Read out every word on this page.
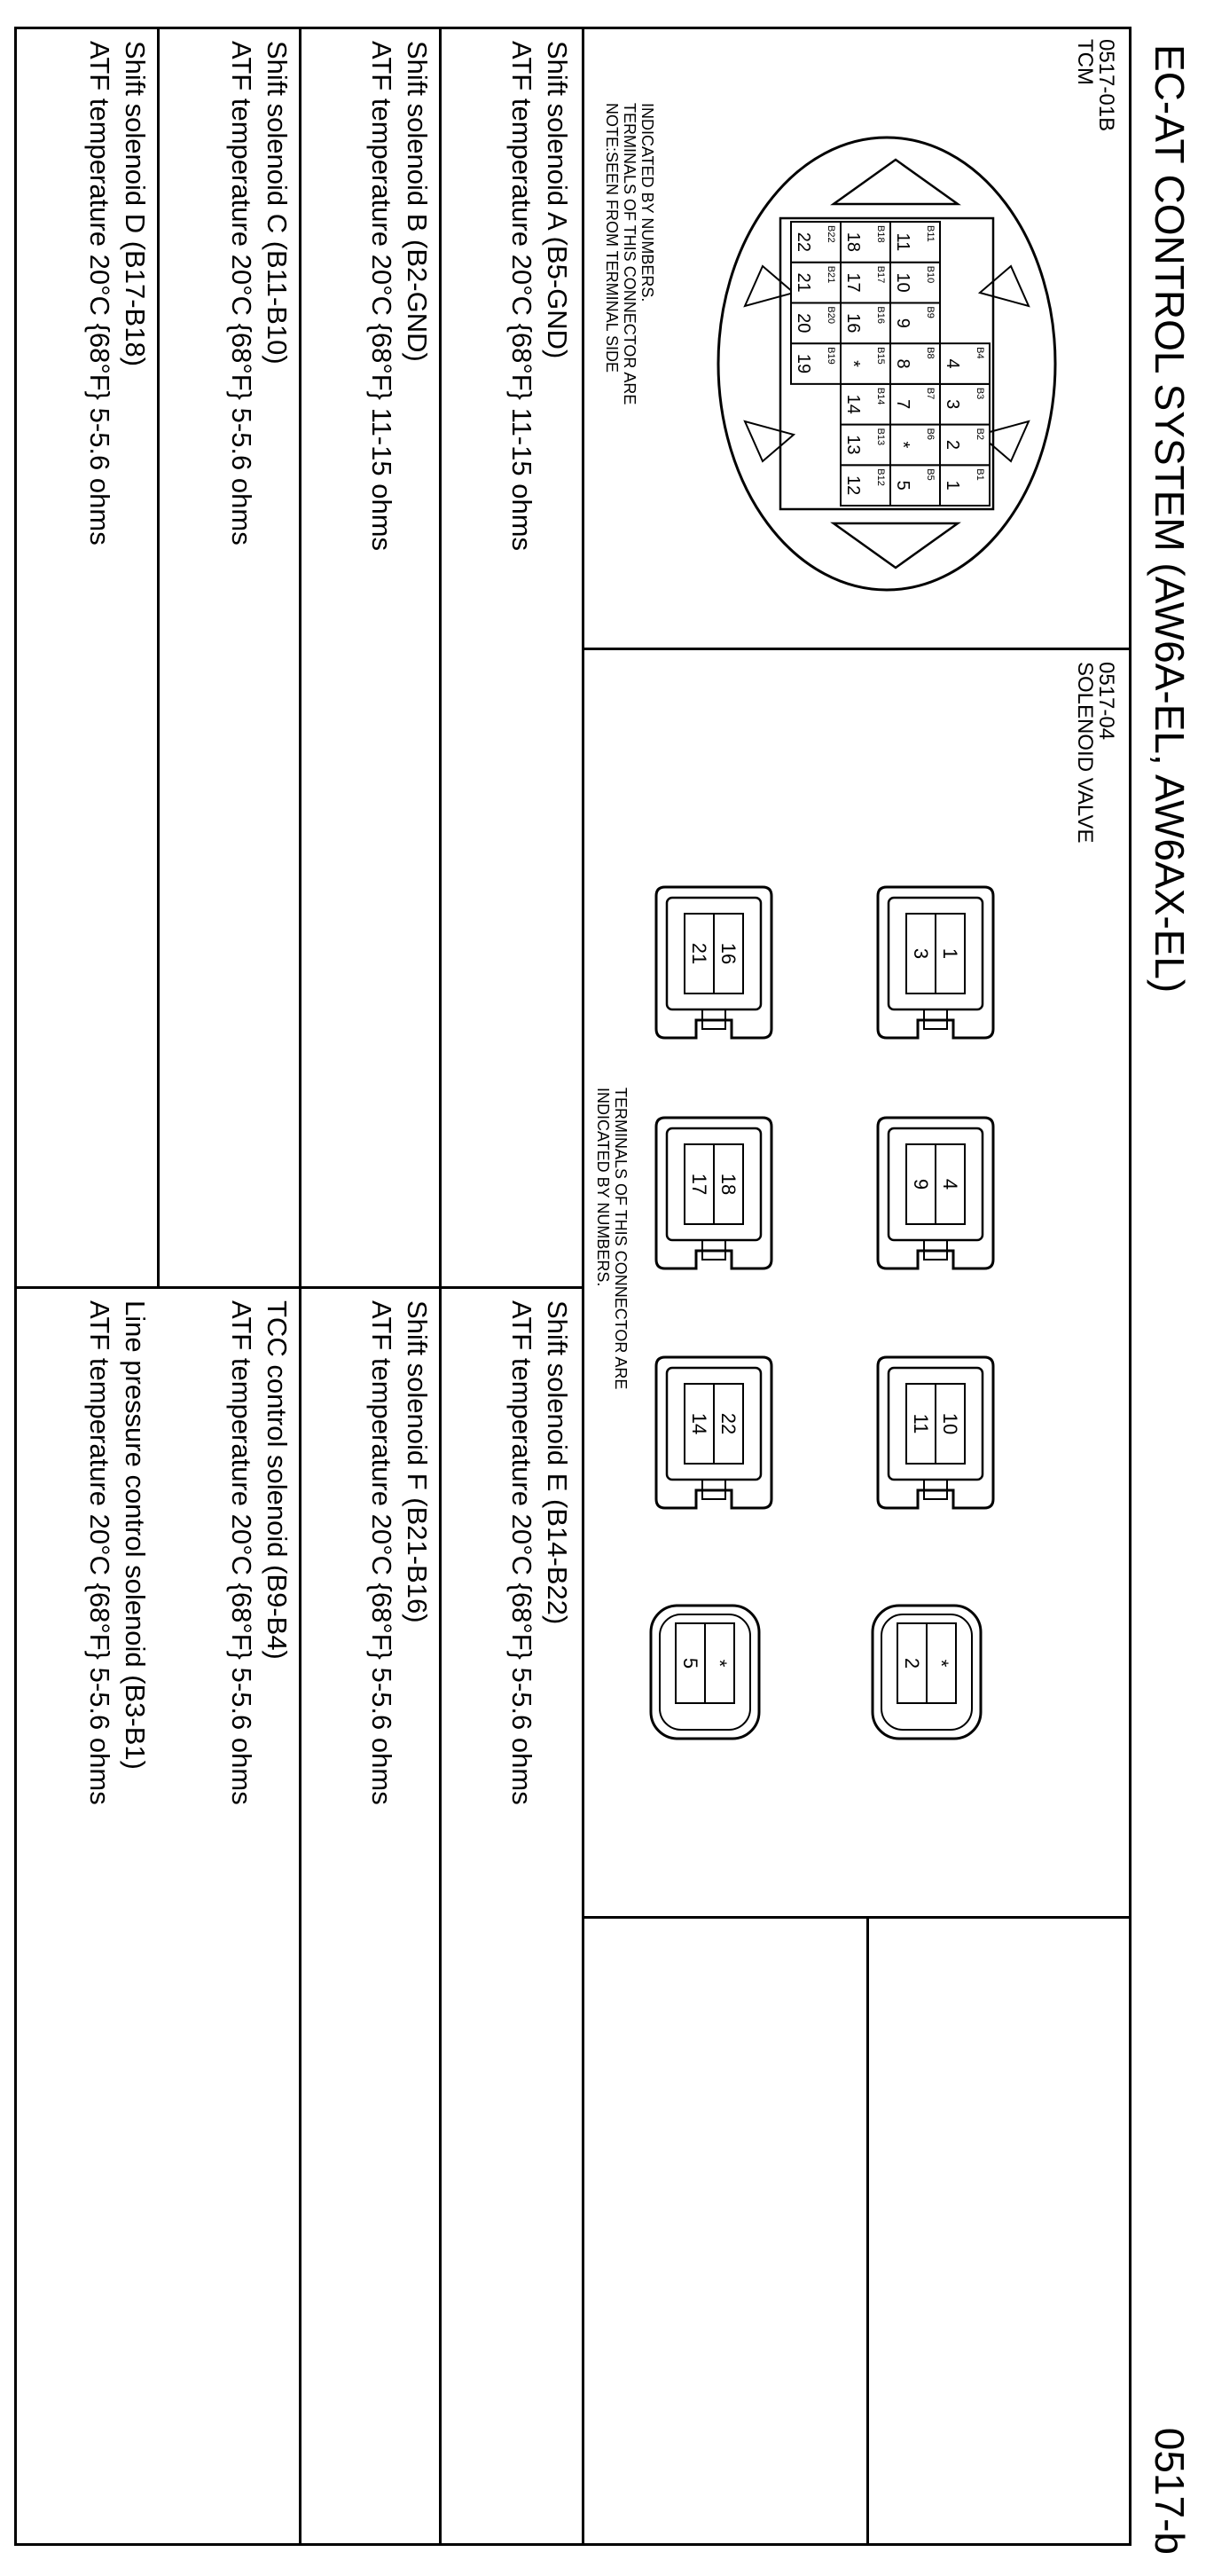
EC-AT CONTROL SYSTEM (AW6A-EL, AW6AX-EL)
0517-b
0517-01B
TCM
B5
5
B6
*
B7
7
B8
8
B9
9
B10
10
B11
11
B12
12
B13
13
B14
14
B15
*
B16
16
B17
17
B18
18
B1
1
B2
2
B3
3
B4
4
B19
19
B20
20
B21
21
B22
22
TERMINALS OF THIS CONNECTOR ARE INDICATED BY NUMBERS.
NOTE:SEEN FROM TERMINAL SIDE
0517-04
SOLENOID VALVE
1
3
16
21
4
9
18
17
10
11
22
14
*
2
*
5
TERMINALS OF THIS CONNECTOR ARE
INDICATED BY NUMBERS.
Shift solenoid A (B5-GND)
ATF temperature 20°C {68°F} 11-15 ohms
Shift solenoid B (B2-GND)
ATF temperature 20°C {68°F} 11-15 ohms
Shift solenoid C (B11-B10)
ATF temperature 20°C {68°F} 5-5.6 ohms
Shift solenoid D (B17-B18)
ATF temperature 20°C {68°F} 5-5.6 ohms
Shift solenoid E (B14-B22)
ATF temperature 20°C {68°F} 5-5.6 ohms
Shift solenoid F (B21-B16)
ATF temperature 20°C {68°F} 5-5.6 ohms
TCC control solenoid (B9-B4)
ATF temperature 20°C {68°F} 5-5.6 ohms
Line pressure control solenoid (B3-B1)
ATF temperature 20°C {68°F} 5-5.6 ohms
